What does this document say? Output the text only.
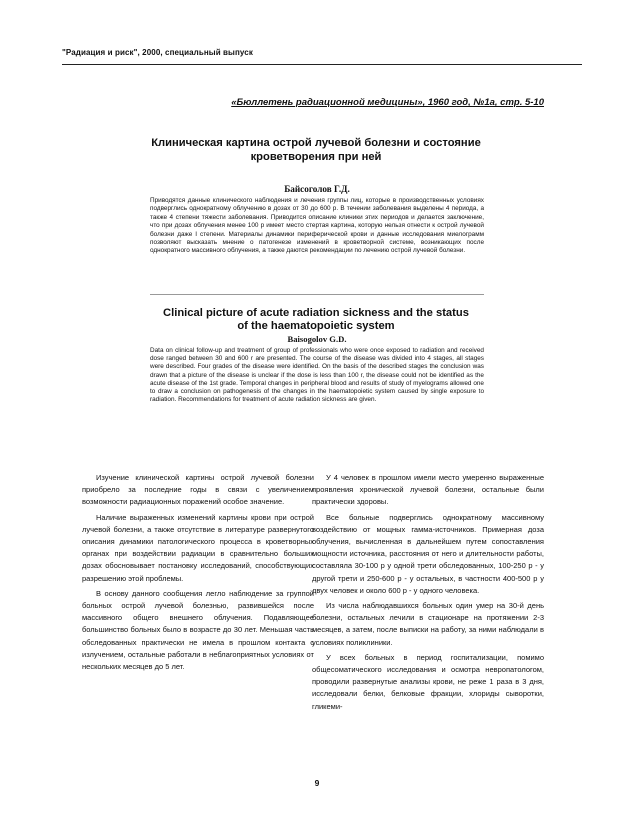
"Радиация и риск", 2000, специальный выпуск
«Бюллетень радиационной медицины», 1960 год, №1а, стр. 5-10
Клиническая картина острой лучевой болезни и состояние
кроветворения при ней
Байсоголов Г.Д.

Приводятся данные клинического наблюдения и лечения группы лиц, которые в производственных условиях подверглись однократному облучению в дозах от 30 до 600 р. В течении заболевания выделены 4 периода, а также 4 степени тяжести заболевания. Приводится описание клиники этих периодов и делается заключение, что при дозах облучения менее 100 р имеет место стертая картина, которую нельзя отнести к острой лучевой болезни даже I степени. Материалы динамики периферической крови и данные исследования миелограмм позволяют высказать мнение о патогенезе изменений в кроветворной системе, возникающих после однократного массивного облучения, а также даются рекомендации по лечению острой лучевой болезни.

Clinical picture of acute radiation sickness and the status
of the haematopoietic system
Baisogolov G.D.

Data on clinical follow-up and treatment of group of professionals who were once exposed to radiation and received dose ranged between 30 and 600 r are presented. The course of the disease was divided into 4 stages, all stages were described. Four grades of the disease were identified. On the basis of the described stages the conclusion was drawn that a picture of the disease is unclear if the dose is less than 100 r, the disease could not be identified as the acute disease of the 1st grade. Temporal changes in peripheral blood and results of study of myelograms allowed one to draw a conclusion on pathogenesis of the changes in the haematopoietic system caused by single exposure to radiation. Recommendations for treatment of acute radiation sickness are given.

Изучение клинической картины острой лучевой болезни приобрело за последние годы в связи с увеличением возможности радиационных поражений особое значение.

Наличие выраженных изменений картины крови при острой лучевой болезни, а также отсутствие в литературе развернутого описания динамики патологического процесса в кроветворных органах при воздействии радиации в сравнительно больших дозах обосновывает постановку исследований, способствующих разрешению этой проблемы.

В основу данного сообщения легло наблюдение за группой больных острой лучевой болезнью, развившейся после массивного общего внешнего облучения. Подавляющее большинство больных было в возрасте до 30 лет. Меньшая часть обследованных практически не имела в прошлом контакта с излучением, остальные работали в неблагоприятных условиях от нескольких месяцев до 5 лет.

У 4 человек в прошлом имели место умеренно выраженные проявления хронической лучевой болезни, остальные были практически здоровы.

Все больные подверглись однократному массивному воздействию от мощных гамма-источников. Примерная доза облучения, вычисленная в дальнейшем путем сопоставления мощности источника, расстояния от него и длительности работы, составляла 30-100 р у одной трети обследованных, 100-250 р - у другой трети и 250-600 р - у остальных, в частности 400-500 р у двух человек и около 600 р - у одного человека.

Из числа наблюдавшихся больных один умер на 30-й день болезни, остальных лечили в стационаре на протяжении 2-3 месяцев, а затем, после выписки на работу, за ними наблюдали в условиях поликлиники.

У всех больных в период госпитализации, помимо общесоматического исследования и осмотра невропатологом, проводили развернутые анализы крови, не реже 1 раза в 3 дня, исследовали белки, белковые фракции, хлориды сыворотки, гликеми-

9
